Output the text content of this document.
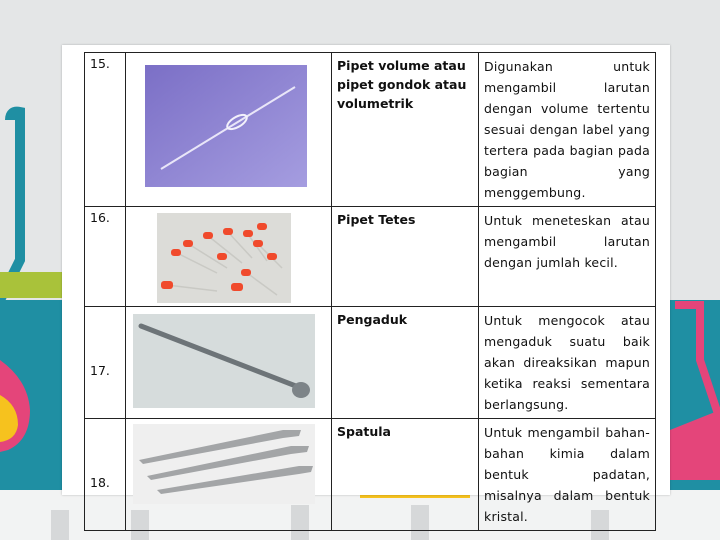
15.		Pipet volume atau pipet gondok atau volumetrik	Digunakan untuk mengambil larutan dengan volume tertentu sesuai dengan label yang tertera pada bagian pada bagian yang menggembung.
16.		Pipet Tetes	Untuk meneteskan atau mengambil larutan dengan jumlah kecil.
17.		Pengaduk	Untuk mengocok atau mengaduk suatu baik akan direaksikan mapun ketika reaksi sementara berlangsung.
18.		Spatula	Untuk mengambil bahan-bahan kimia dalam bentuk padatan, misalnya dalam bentuk kristal.
